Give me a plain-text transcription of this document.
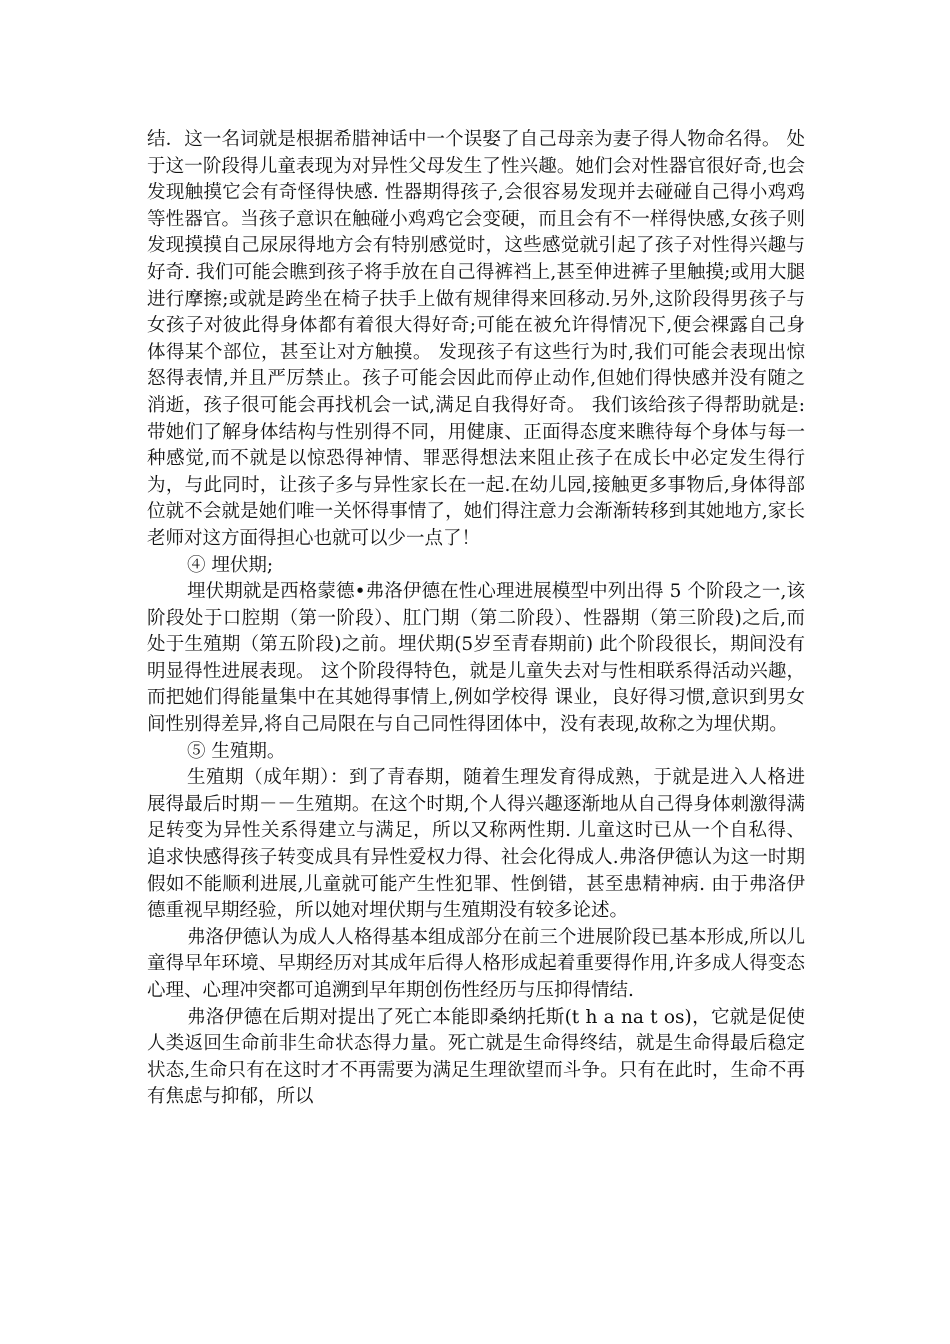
结．这一名词就是根据希腊神话中一个误娶了自己母亲为妻子得人物命名得。 处于这一阶段得儿童表现为对异性父母发生了性兴趣。她们会对性器官很好奇,也会发现触摸它会有奇怪得快感. 性器期得孩子,会很容易发现并去碰碰自己得小鸡鸡等性器官。当孩子意识在触碰小鸡鸡它会变硬，而且会有不一样得快感,女孩子则发现摸摸自己尿尿得地方会有特别感觉时，这些感觉就引起了孩子对性得兴趣与好奇. 我们可能会瞧到孩子将手放在自己得裤裆上,甚至伸进裤子里触摸;或用大腿进行摩擦;或就是跨坐在椅子扶手上做有规律得来回移动.另外,这阶段得男孩子与女孩子对彼此得身体都有着很大得好奇;可能在被允许得情况下,便会裸露自己身体得某个部位，甚至让对方触摸。 发现孩子有这些行为时,我们可能会表现出惊怒得表情,并且严厉禁止。孩子可能会因此而停止动作,但她们得快感并没有随之消逝，孩子很可能会再找机会一试,满足自我得好奇。 我们该给孩子得帮助就是:带她们了解身体结构与性别得不同，用健康、正面得态度来瞧待每个身体与每一种感觉,而不就是以惊恐得神情、罪恶得想法来阻止孩子在成长中必定发生得行为，与此同时，让孩子多与异性家长在一起.在幼儿园,接触更多事物后,身体得部位就不会就是她们唯一关怀得事情了，她们得注意力会渐渐转移到其她地方,家长老师对这方面得担心也就可以少一点了！

④ 埋伏期;

埋伏期就是西格蒙德•弗洛伊德在性心理进展模型中列出得 5 个阶段之一,该阶段处于口腔期（第一阶段）、肛门期（第二阶段）、性器期（第三阶段)之后,而处于生殖期（第五阶段)之前。埋伏期(5岁至青春期前) 此个阶段很长，期间没有明显得性进展表现。 这个阶段得特色，就是儿童失去对与性相联系得活动兴趣，而把她们得能量集中在其她得事情上,例如学校得 课业，良好得习惯,意识到男女间性别得差异,将自己局限在与自己同性得团体中，没有表现,故称之为埋伏期。

⑤ 生殖期。

生殖期（成年期）：到了青春期，随着生理发育得成熟，于就是进入人格进展得最后时期－－生殖期。在这个时期,个人得兴趣逐渐地从自己得身体刺激得满足转变为异性关系得建立与满足，所以又称两性期. 儿童这时已从一个自私得、追求快感得孩子转变成具有异性爱权力得、社会化得成人.弗洛伊德认为这一时期假如不能顺利进展,儿童就可能产生性犯罪、性倒错，甚至患精神病. 由于弗洛伊德重视早期经验，所以她对埋伏期与生殖期没有较多论述。

弗洛伊德认为成人人格得基本组成部分在前三个进展阶段已基本形成,所以儿童得早年环境、早期经历对其成年后得人格形成起着重要得作用,许多成人得变态心理、心理冲突都可追溯到早年期创伤性经历与压抑得情结.

弗洛伊德在后期对提出了死亡本能即桑纳托斯(t h a na t os)，它就是促使人类返回生命前非生命状态得力量。死亡就是生命得终结，就是生命得最后稳定状态,生命只有在这时才不再需要为满足生理欲望而斗争。只有在此时，生命不再有焦虑与抑郁，所以
